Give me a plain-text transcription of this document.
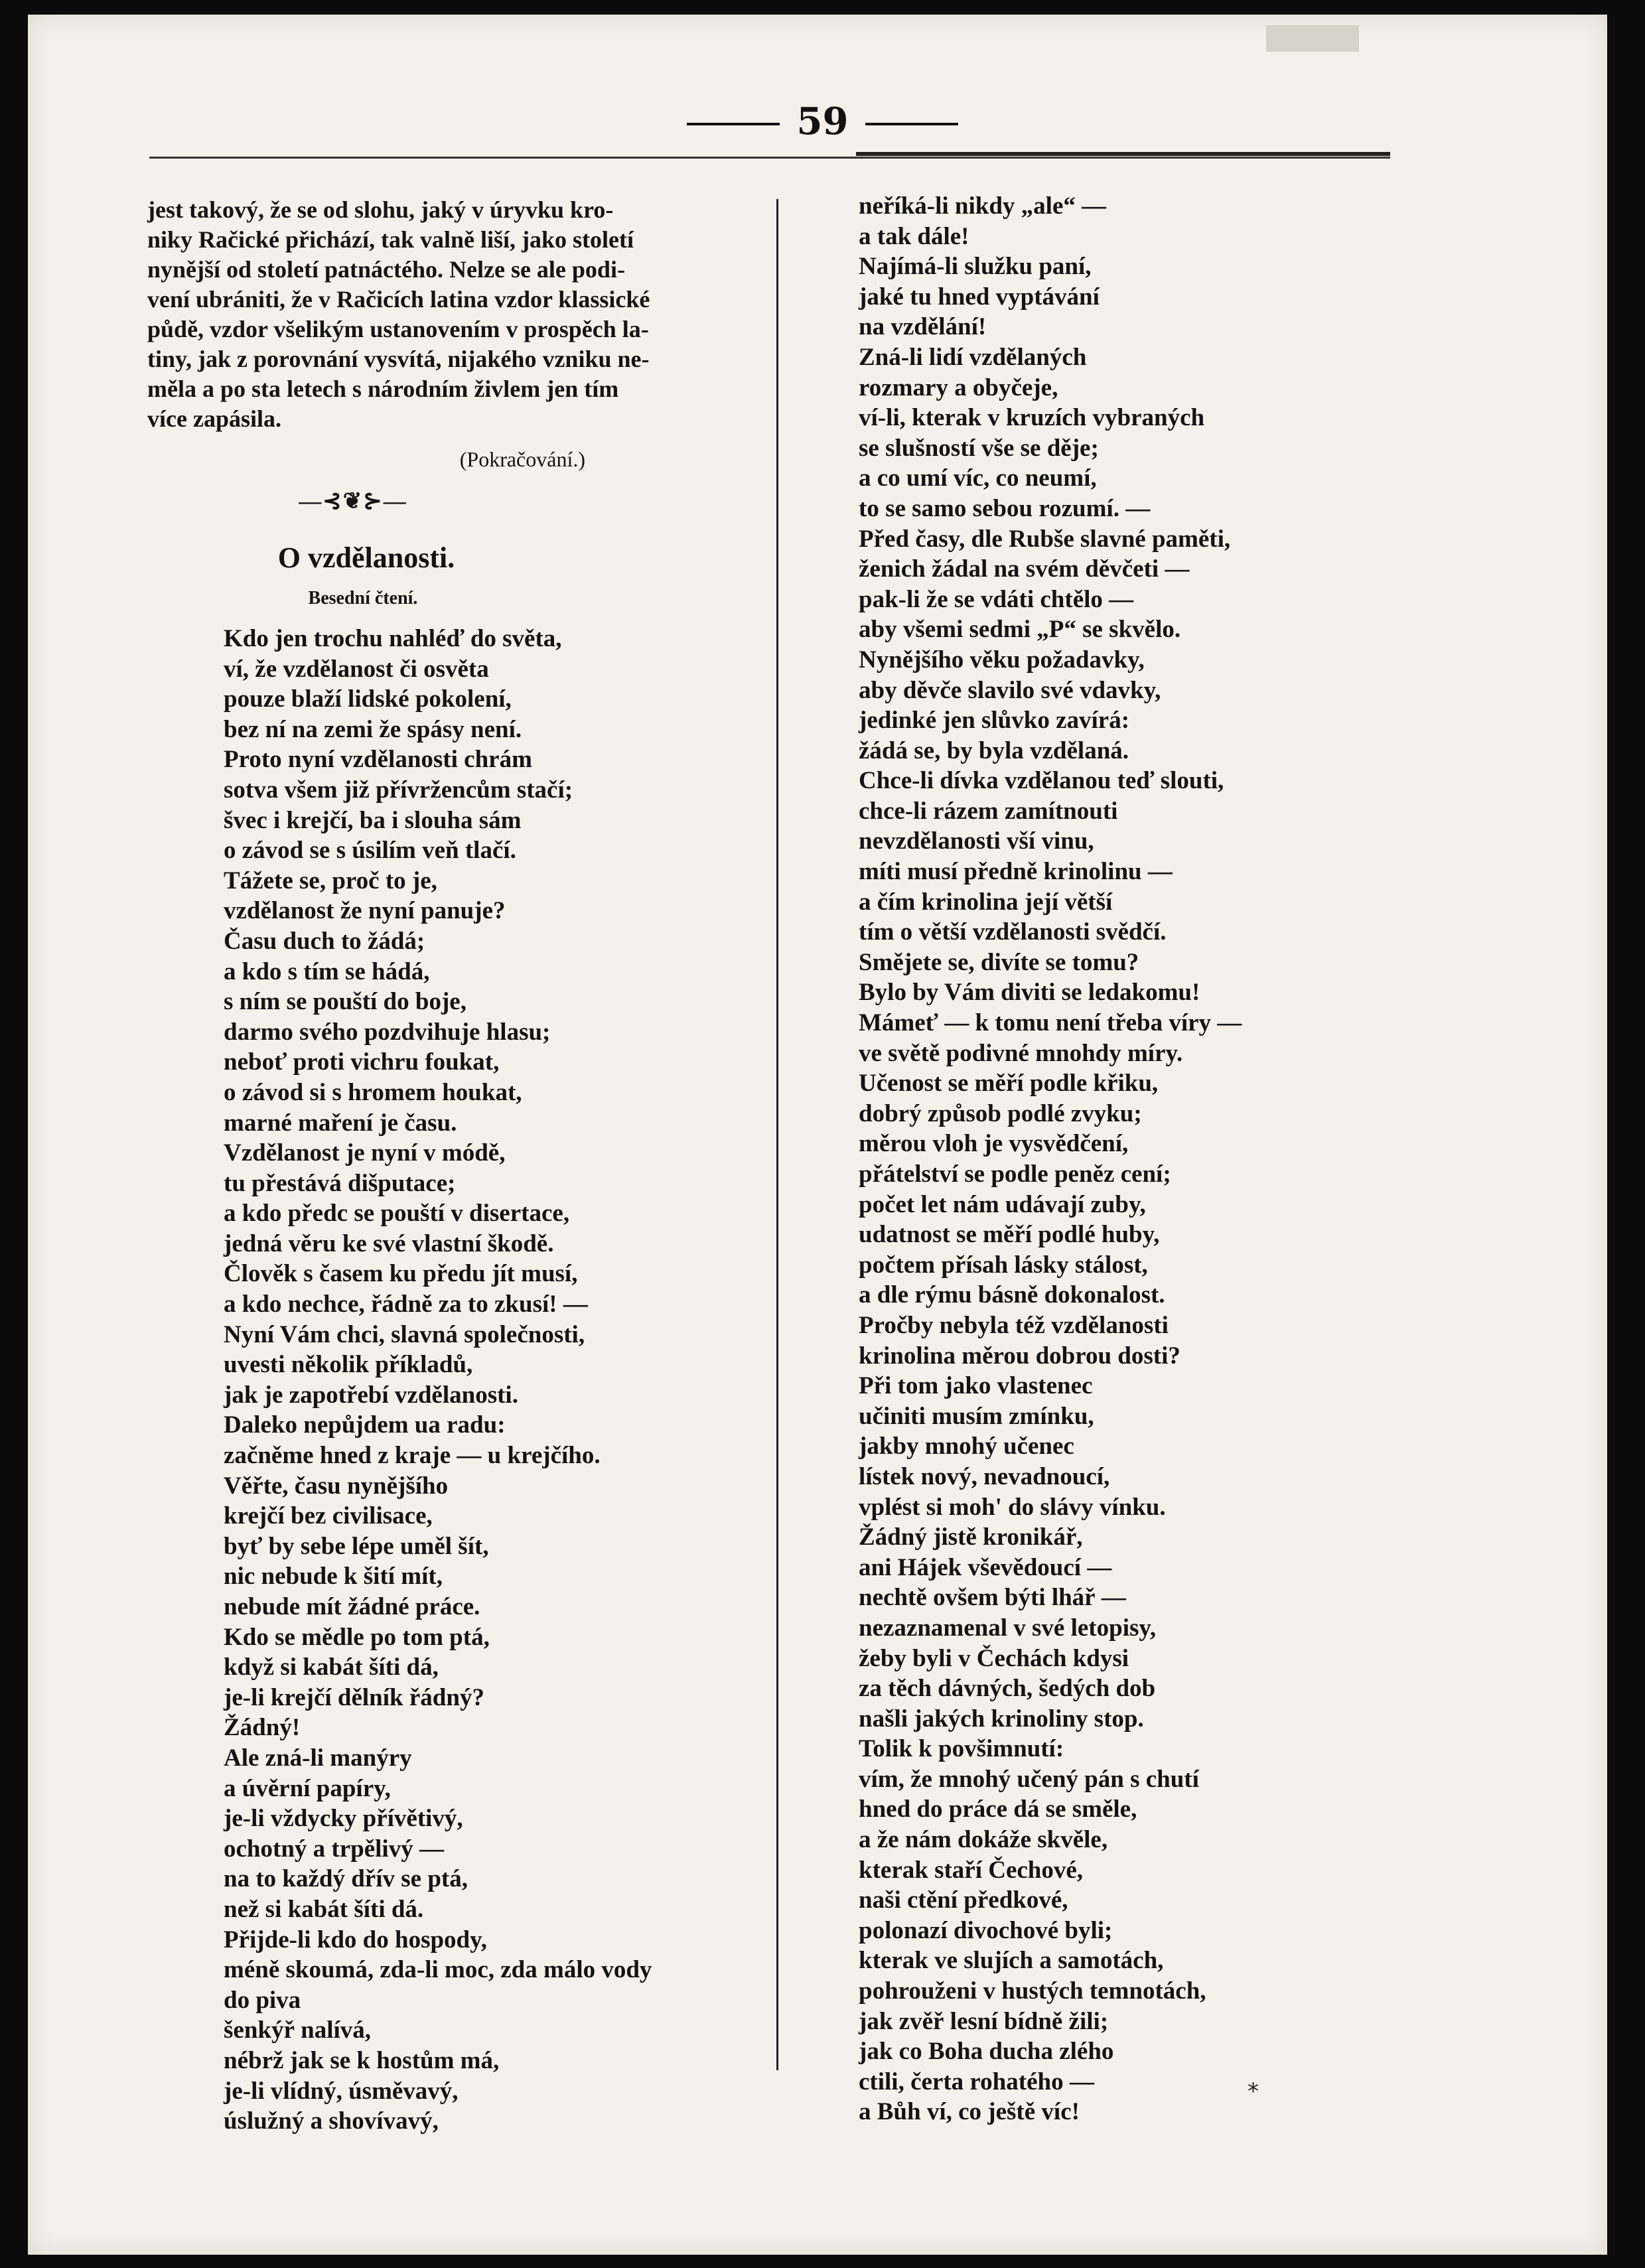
59

jest takový, že se od slohu, jaký v úryvku kro-
niky Račické přichází, tak valně liší, jako století
nynější od století patnáctého. Nelze se ale podi-
vení ubrániti, že v Račicích latina vzdor klassické
půdě, vzdor všelikým ustanovením v prospěch la-
tiny, jak z porovnání vysvítá, nijakého vzniku ne-
měla a po sta letech s národním živlem jen tím
více zapásila.

(Pokračování.)
—⊰❦⊱—
O vzdělanosti.
Besední čtení.
Kdo jen trochu nahléď do světa,
ví, že vzdělanost či osvěta
pouze blaží lidské pokolení,
bez ní na zemi že spásy není.
Proto nyní vzdělanosti chrám
sotva všem již přívržencům stačí;
švec i krejčí, ba i slouha sám
o závod se s úsilím veň tlačí.
Tážete se, proč to je,
vzdělanost že nyní panuje?
Času duch to žádá;
a kdo s tím se hádá,
s ním se pouští do boje,
darmo svého pozdvihuje hlasu;
neboť proti vichru foukat,
o závod si s hromem houkat,
marné maření je času.
Vzdělanost je nyní v módě,
tu přestává dišputace;
a kdo předc se pouští v disertace,
jedná věru ke své vlastní škodě.
Člověk s časem ku předu jít musí,
a kdo nechce, řádně za to zkusí! —
Nyní Vám chci, slavná společnosti,
uvesti několik příkladů,
jak je zapotřebí vzdělanosti.
Daleko nepůjdem ua radu:
začněme hned z kraje — u krejčího.
Věřte, času nynějšího
krejčí bez civilisace,
byť by sebe lépe uměl šít,
nic nebude k šití mít,
nebude mít žádné práce.
Kdo se mědle po tom ptá,
když si kabát šíti dá,
je-li krejčí dělník řádný?
Žádný!
Ale zná-li manýry
a úvěrní papíry,
je-li vždycky přívětivý,
ochotný a trpělivý —
na to každý dřív se ptá,
než si kabát šíti dá.
Přijde-li kdo do hospody,
méně skoumá, zda-li moc, zda málo vody
do piva
šenkýř nalívá,
nébrž jak se k hostům má,
je-li vlídný, úsměvavý,
úslužný a shovívavý,
neříká-li nikdy „ale“ —
a tak dále!
Najímá-li služku paní,
jaké tu hned vyptávání
na vzdělání!
Zná-li lidí vzdělaných
rozmary a obyčeje,
ví-li, kterak v kruzích vybraných
se slušností vše se děje;
a co umí víc, co neumí,
to se samo sebou rozumí. —
Před časy, dle Rubše slavné paměti,
ženich žádal na svém děvčeti —
pak-li že se vdáti chtělo —
aby všemi sedmi „P“ se skvělo.
Nynějšího věku požadavky,
aby děvče slavilo své vdavky,
jedinké jen slůvko zavírá:
žádá se, by byla vzdělaná.
Chce-li dívka vzdělanou teď slouti,
chce-li rázem zamítnouti
nevzdělanosti vší vinu,
míti musí předně krinolinu —
a čím krinolina její větší
tím o větší vzdělanosti svědčí.
Smějete se, divíte se tomu?
Bylo by Vám diviti se ledakomu!
Mámeť — k tomu není třeba víry —
ve světě podivné mnohdy míry.
Učenost se měří podle křiku,
dobrý způsob podlé zvyku;
měrou vloh je vysvědčení,
přátelství se podle peněz cení;
počet let nám udávají zuby,
udatnost se měří podlé huby,
počtem přísah lásky stálost,
a dle rýmu básně dokonalost.
Pročby nebyla též vzdělanosti
krinolina měrou dobrou dosti?
Při tom jako vlastenec
učiniti musím zmínku,
jakby mnohý učenec
lístek nový, nevadnoucí,
vplést si moh' do slávy vínku.
Žádný jistě kronikář,
ani Hájek vševědoucí —
nechtě ovšem býti lhář —
nezaznamenal v své letopisy,
žeby byli v Čechách kdysi
za těch dávných, šedých dob
našli jakých krinoliny stop.
Tolik k povšimnutí:
vím, že mnohý učený pán s chutí
hned do práce dá se směle,
a že nám dokáže skvěle,
kterak staří Čechové,
naši ctění předkové,
polonazí divochové byli;
kterak ve slujích a samotách,
pohrouženi v hustých temnotách,
jak zvěř lesní bídně žili;
jak co Boha ducha zlého
ctili, čerta rohatého —
a Bůh ví, co ještě víc!
*
